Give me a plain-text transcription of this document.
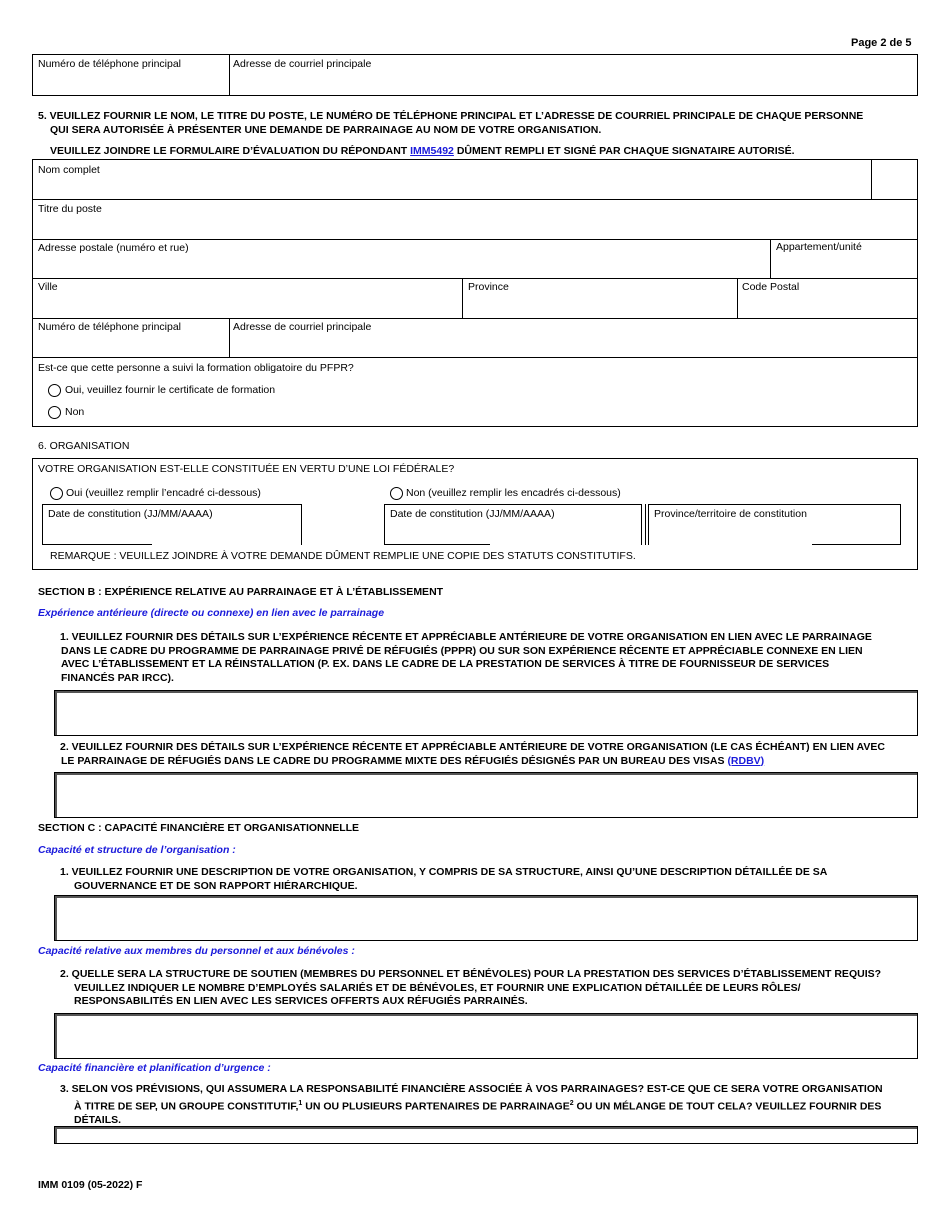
Page 2 de 5
Numéro de téléphone principal	Adresse de courriel principale
5. VEUILLEZ FOURNIR LE NOM, LE TITRE DU POSTE, LE NUMÉRO DE TÉLÉPHONE PRINCIPAL ET L’ADRESSE DE COURRIEL PRINCIPALE DE CHAQUE PERSONNE
QUI SERA AUTORISÉE À PRÉSENTER UNE DEMANDE DE PARRAINAGE AU NOM DE VOTRE ORGANISATION.
VEUILLEZ JOINDRE LE FORMULAIRE D’ÉVALUATION DU RÉPONDANT IMM5492 DÛMENT REMPLI ET SIGNÉ PAR CHAQUE SIGNATAIRE AUTORISÉ.
Nom complet
Titre du poste
Adresse postale (numéro et rue)	Appartement/unité
Ville	Province	Code Postal
Numéro de téléphone principal	Adresse de courriel principale
Est-ce que cette personne a suivi la formation obligatoire du PFPR?
Oui, veuillez fournir le certificate de formation
Non
6. ORGANISATION
VOTRE ORGANISATION EST-ELLE CONSTITUÉE EN VERTU D’UNE LOI FÉDÉRALE?
Oui (veuillez remplir l’encadré ci-dessous)	Non (veuillez remplir les encadrés ci-dessous)
Date de constitution (JJ/MM/AAAA)	Date de constitution (JJ/MM/AAAA)	Province/territoire de constitution
REMARQUE : VEUILLEZ JOINDRE À VOTRE DEMANDE DÛMENT REMPLIE UNE COPIE DES STATUTS CONSTITUTIFS.
SECTION B : EXPÉRIENCE RELATIVE AU PARRAINAGE ET À L’ÉTABLISSEMENT
Expérience antérieure (directe ou connexe) en lien avec le parrainage
1. VEUILLEZ FOURNIR DES DÉTAILS SUR L’EXPÉRIENCE RÉCENTE ET APPRÉCIABLE ANTÉRIEURE DE VOTRE ORGANISATION EN LIEN AVEC LE PARRAINAGE
DANS LE CADRE DU PROGRAMME DE PARRAINAGE PRIVÉ DE RÉFUGIÉS (PPPR) OU SUR SON EXPÉRIENCE RÉCENTE ET APPRÉCIABLE CONNEXE EN LIEN
AVEC L’ÉTABLISSEMENT ET LA RÉINSTALLATION (P. EX. DANS LE CADRE DE LA PRESTATION DE SERVICES À TITRE DE FOURNISSEUR DE SERVICES
FINANCÉS PAR IRCC).
2. VEUILLEZ FOURNIR DES DÉTAILS SUR L’EXPÉRIENCE RÉCENTE ET APPRÉCIABLE ANTÉRIEURE DE VOTRE ORGANISATION (LE CAS ÉCHÉANT) EN LIEN AVEC
LE PARRAINAGE DE RÉFUGIÉS DANS LE CADRE DU PROGRAMME MIXTE DES RÉFUGIÉS DÉSIGNÉS PAR UN BUREAU DES VISAS (RDBV)
SECTION C : CAPACITÉ FINANCIÈRE ET ORGANISATIONNELLE
Capacité et structure de l’organisation :
1. VEUILLEZ FOURNIR UNE DESCRIPTION DE VOTRE ORGANISATION, Y COMPRIS DE SA STRUCTURE, AINSI QU’UNE DESCRIPTION DÉTAILLÉE DE SA
GOUVERNANCE ET DE SON RAPPORT HIÉRARCHIQUE.
Capacité relative aux membres du personnel et aux bénévoles :
2. QUELLE SERA LA STRUCTURE DE SOUTIEN (MEMBRES DU PERSONNEL ET BÉNÉVOLES) POUR LA PRESTATION DES SERVICES D’ÉTABLISSEMENT REQUIS?
VEUILLEZ INDIQUER LE NOMBRE D’EMPLOYÉS SALARIÉS ET DE BÉNÉVOLES, ET FOURNIR UNE EXPLICATION DÉTAILLÉE DE LEURS RÔLES/
RESPONSABILITÉS EN LIEN AVEC LES SERVICES OFFERTS AUX RÉFUGIÉS PARRAINÉS.
Capacité financière et planification d’urgence :
3. SELON VOS PRÉVISIONS, QUI ASSUMERA LA RESPONSABILITÉ FINANCIÈRE ASSOCIÉE À VOS PARRAINAGES? EST-CE QUE CE SERA VOTRE ORGANISATION
À TITRE DE SEP, UN GROUPE CONSTITUTIF,$^1$ UN OU PLUSIEURS PARTENAIRES DE PARRAINAGE$^2$ OU UN MÉLANGE DE TOUT CELA? VEUILLEZ FOURNIR DES
DÉTAILS.
IMM 0109 (05-2022) F
